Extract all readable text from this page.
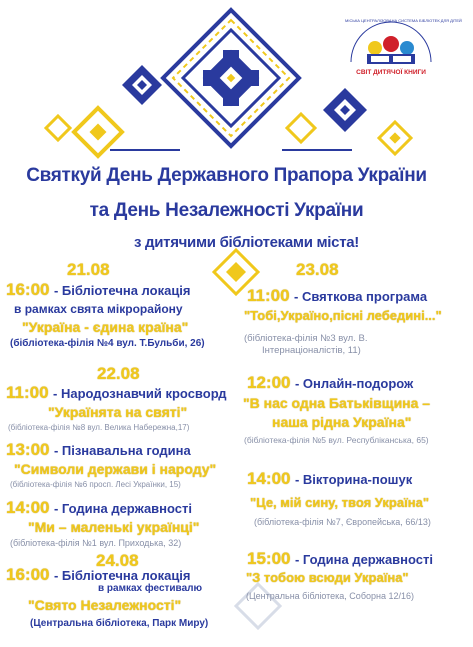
МІСЬКА ЦЕНТРАЛІЗОВАНА СИСТЕМА БІБЛІОТЕК ДЛЯ ДІТЕЙ
СВІТ ДИТЯЧОЇ КНИГИ
Святкуй День Державного Прапора України
та День Незалежності України
з дитячими бібліотеками міста!
21.08
16:00 - Бібліотечна локація
в рамках свята мікрорайону
"Україна - єдина країна"
(бібліотека-філія №4 вул. Т.Бульби, 26)
22.08
11:00 - Народознавчий кросворд
"Українята на святі"
(бібліотека-філія №8 вул. Велика Набережна,17)
13:00 - Пізнавальна година
"Символи держави і народу"
(бібліотека-філія №6 просп. Лесі Українки, 15)
14:00 - Година державності
"Ми – маленькі українці"
(бібліотека-філія №1 вул. Приходька, 32)
24.08
16:00 - Бібліотечна локація
в рамках фестивалю
"Свято Незалежності"
(Центральна бібліотека, Парк Миру)
23.08
11:00 - Святкова програма
"Тобі,Україно,пісні лебедині..."
(бібліотека-філія №3 вул. В.
Інтернаціоналістів, 11)
12:00 - Онлайн-подорож
"В нас одна Батьківщина –
наша рідна Україна"
(бібліотека-філія №5 вул. Республіканська, 65)
14:00 - Вікторина-пошук
"Це, мій сину, твоя Україна"
(бібліотека-філія №7, Європейська, 66/13)
15:00 - Година державності
"З тобою всюди Україна"
(Центральна бібліотека, Соборна 12/16)
